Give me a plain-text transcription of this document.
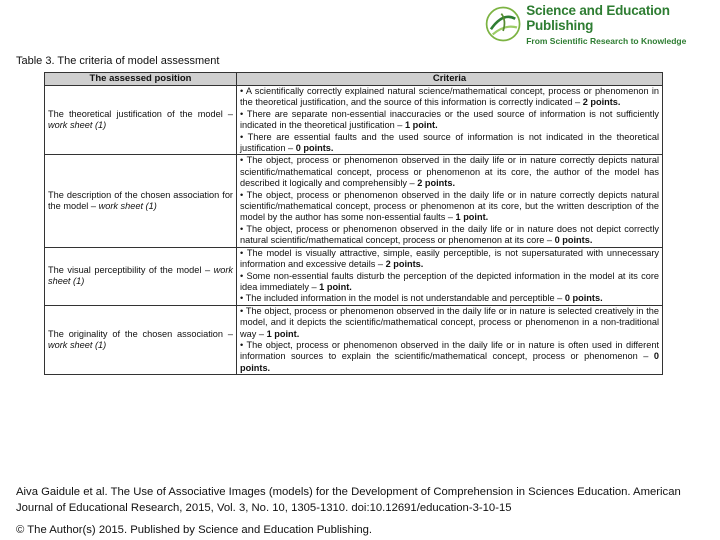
Science and Education Publishing
From Scientific Research to Knowledge
Table 3. The criteria of model assessment
The assessed position	Criteria
The theoretical justification of the model – work sheet (1)	• A scientifically correctly explained natural science/mathematical concept, process or phenomenon in the theoretical justification, and the source of this information is correctly indicated – 2 points.
• There are separate non-essential inaccuracies or the used source of information is not sufficiently indicated in the theoretical justification – 1 point.
• There are essential faults and the used source of information is not indicated in the theoretical justification – 0 points.

The description of the chosen association for the model – work sheet (1)	• The object, process or phenomenon observed in the daily life or in nature correctly depicts natural scientific/mathematical concept, process or phenomenon at its core, the author of the model has described it logically and comprehensibly – 2 points.
• The object, process or phenomenon observed in the daily life or in nature correctly depicts natural scientific/mathematical concept, process or phenomenon at its core, but the written description of the model by the author has some non-essential faults – 1 point.
• The object, process or phenomenon observed in the daily life or in nature does not depict correctly natural scientific/mathematical concept, process or phenomenon at its core – 0 points.

The visual perceptibility of the model – work sheet (1)	• The model is visually attractive, simple, easily perceptible, is not supersaturated with unnecessary information and excessive details – 2 points.
• Some non-essential faults disturb the perception of the depicted information in the model at its core idea immediately – 1 point.
• The included information in the model is not understandable and perceptible – 0 points.

The originality of the chosen association – work sheet (1)	• The object, process or phenomenon observed in the daily life or in nature is selected creatively in the model, and it depicts the scientific/mathematical concept, process or phenomenon in a non-traditional way – 1 point.
• The object, process or phenomenon observed in the daily life or in nature is often used in different information sources to explain the scientific/mathematical concept, process or phenomenon – 0 points.
Aiva Gaidule et al. The Use of Associative Images (models) for the Development of Comprehension in Sciences Education. American Journal of Educational Research, 2015, Vol. 3, No. 10, 1305-1310. doi:10.12691/education-3-10-15
© The Author(s) 2015. Published by Science and Education Publishing.
